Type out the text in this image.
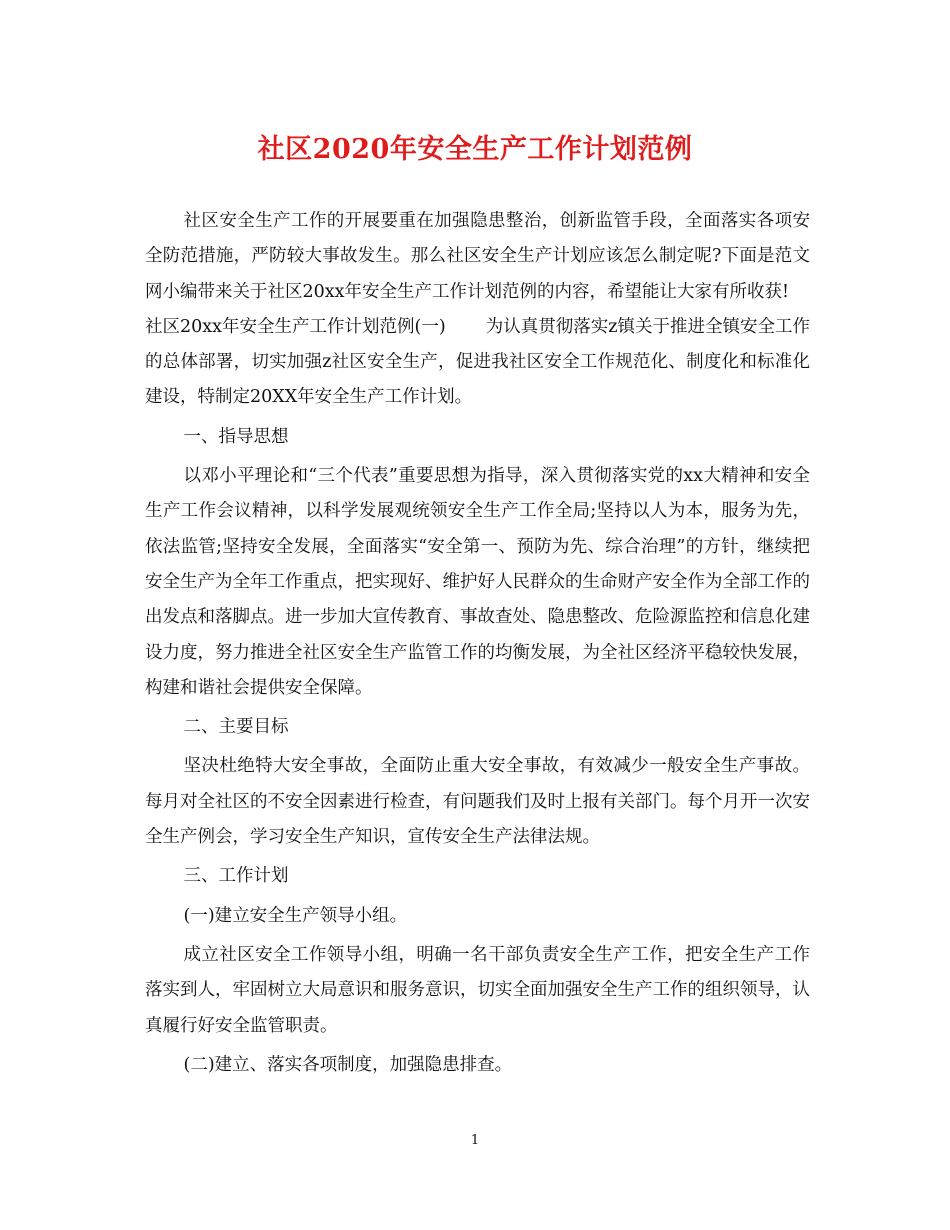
社区2020年安全生产工作计划范例

社区安全生产工作的开展要重在加强隐患整治，创新监管手段，全面落实各项安全防范措施，严防较大事故发生。那么社区安全生产计划应该怎么制定呢?下面是范文网小编带来关于社区20xx年安全生产工作计划范例的内容，希望能让大家有所收获!

社区20xx年安全生产工作计划范例(一) 为认真贯彻落实z镇关于推进全镇安全工作的总体部署，切实加强z社区安全生产，促进我社区安全工作规范化、制度化和标准化建设，特制定20XX年安全生产工作计划。

一、指导思想

以邓小平理论和“三个代表”重要思想为指导，深入贯彻落实党的xx大精神和安全生产工作会议精神，以科学发展观统领安全生产工作全局;坚持以人为本，服务为先，依法监管;坚持安全发展，全面落实“安全第一、预防为先、综合治理”的方针，继续把安全生产为全年工作重点，把实现好、维护好人民群众的生命财产安全作为全部工作的出发点和落脚点。进一步加大宣传教育、事故查处、隐患整改、危险源监控和信息化建设力度，努力推进全社区安全生产监管工作的均衡发展，为全社区经济平稳较快发展，构建和谐社会提供安全保障。

二、主要目标

坚决杜绝特大安全事故，全面防止重大安全事故，有效减少一般安全生产事故。每月对全社区的不安全因素进行检查，有问题我们及时上报有关部门。每个月开一次安全生产例会，学习安全生产知识，宣传安全生产法律法规。

三、工作计划

(一)建立安全生产领导小组。

成立社区安全工作领导小组，明确一名干部负责安全生产工作，把安全生产工作落实到人，牢固树立大局意识和服务意识，切实全面加强安全生产工作的组织领导，认真履行好安全监管职责。

(二)建立、落实各项制度，加强隐患排查。

1
